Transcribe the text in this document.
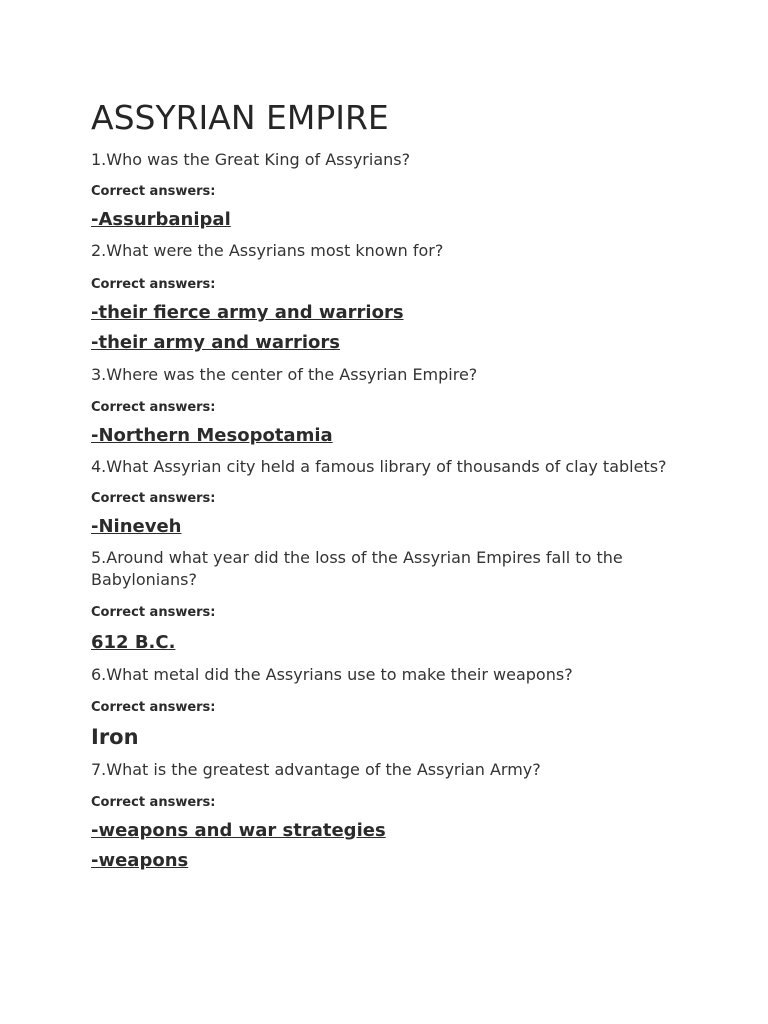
ASSYRIAN EMPIRE

1.Who was the Great King of Assyrians?

Correct answers:

-Assurbanipal

2.What were the Assyrians most known for?

Correct answers:

-their fierce army and warriors

-their army and warriors

3.Where was the center of the Assyrian Empire?

Correct answers:

-Northern Mesopotamia

4.What Assyrian city held a famous library of thousands of clay tablets?

Correct answers:

-Nineveh

5.Around what year did the loss of the Assyrian Empires fall to the Babylonians?

Correct answers:

612 B.C.

6.What metal did the Assyrians use to make their weapons?

Correct answers:

Iron

7.What is the greatest advantage of the Assyrian Army?

Correct answers:

-weapons and war strategies

-weapons
